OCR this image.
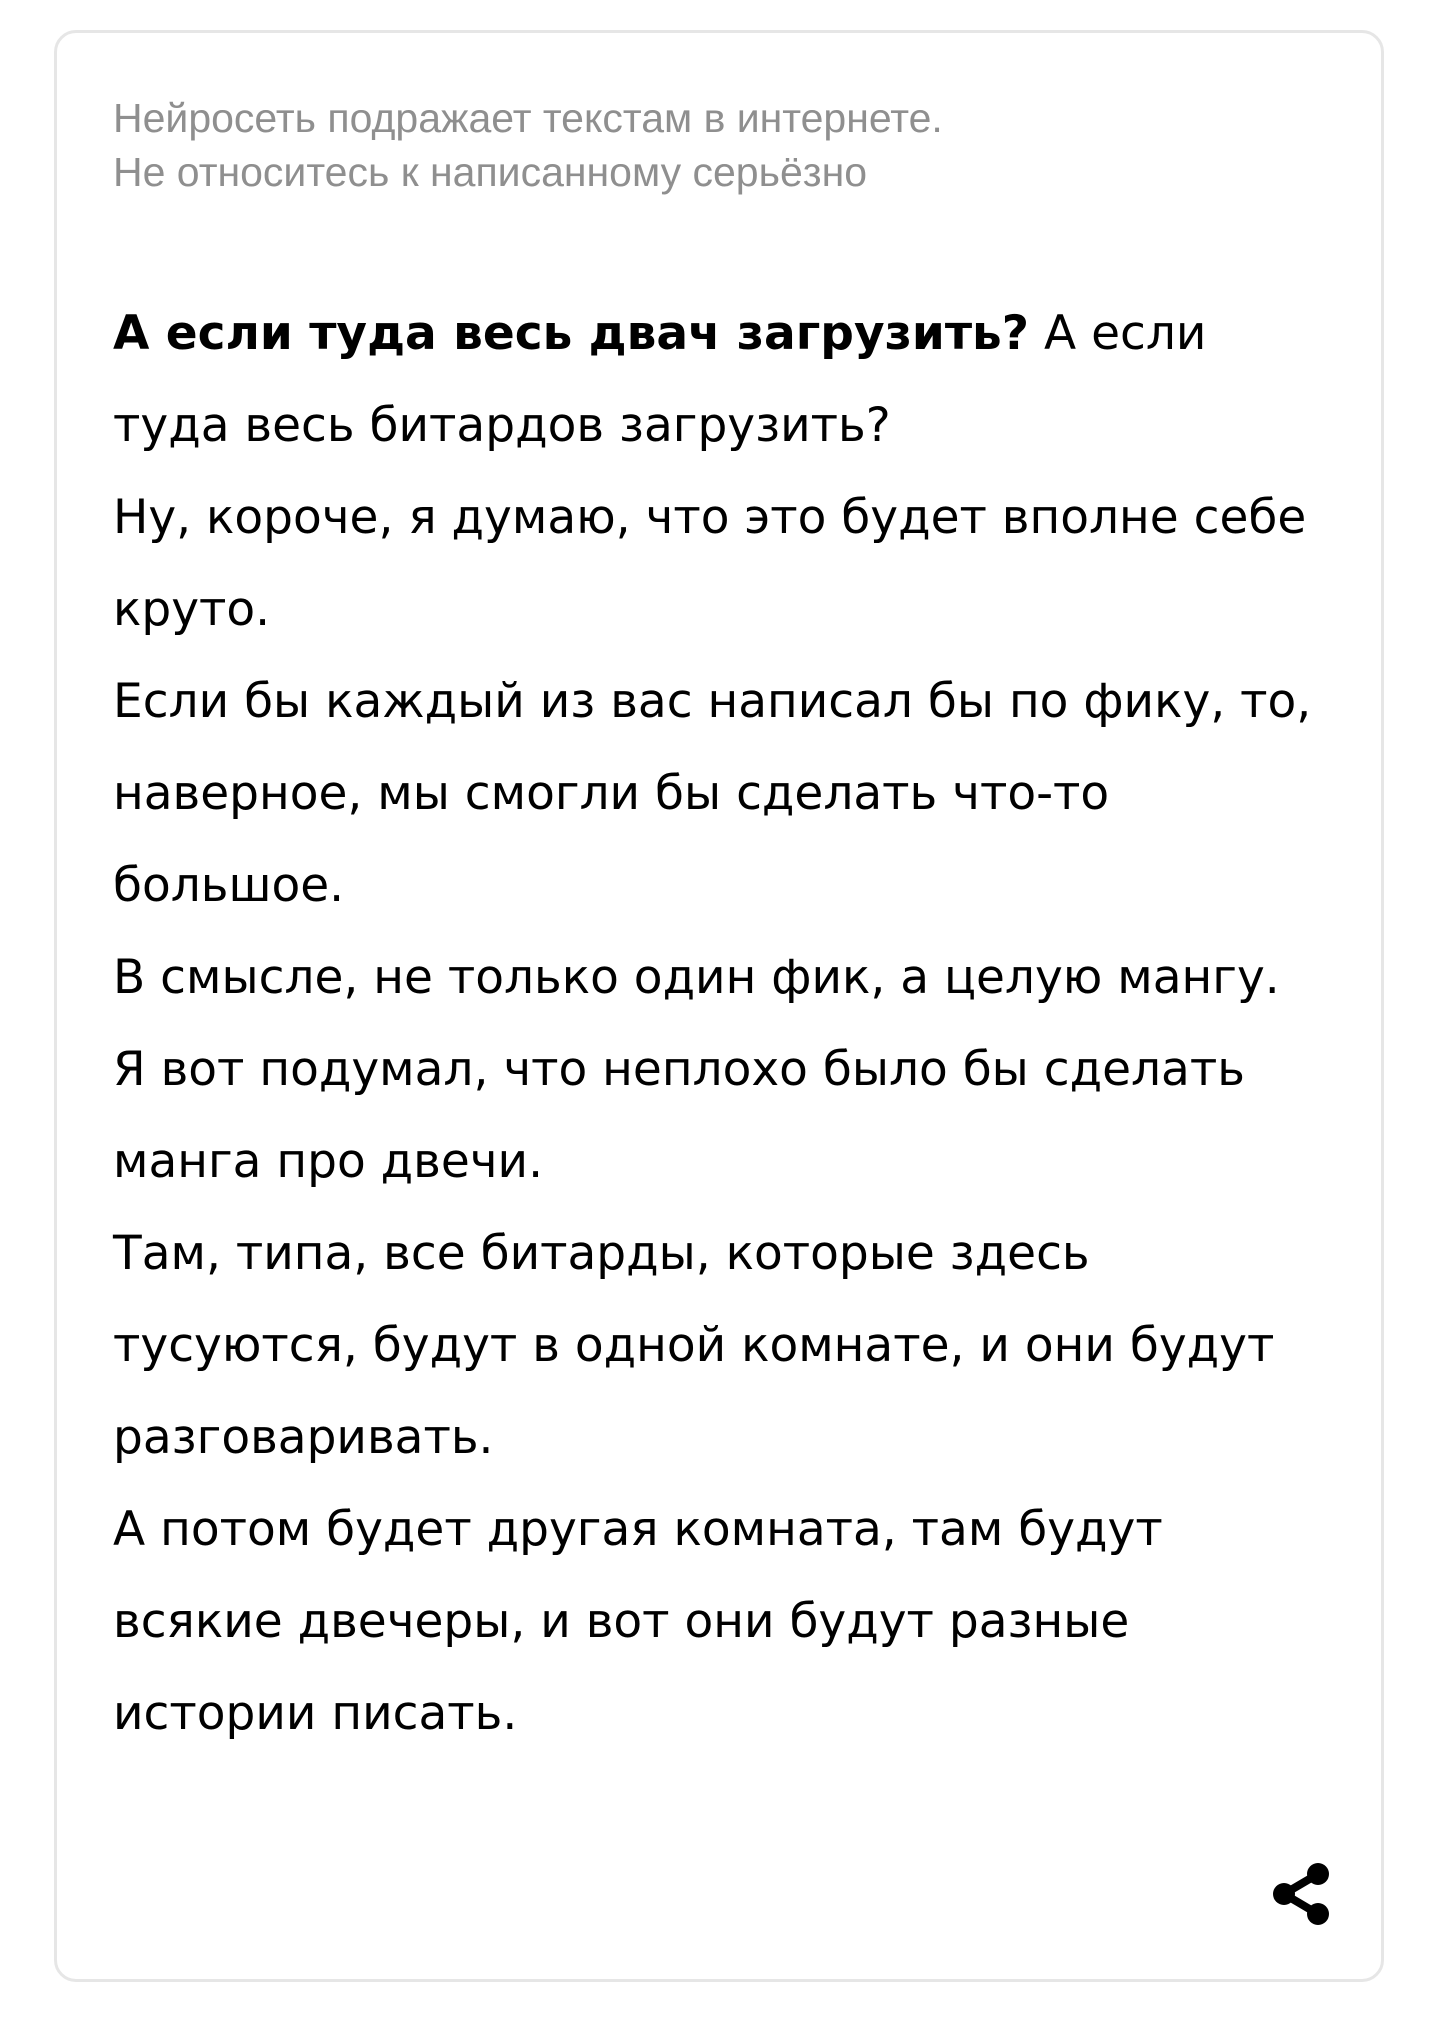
Нейросеть подражает текстам в интернете.
Не относитесь к написанному серьёзно

А если туда весь двач загрузить? А если туда весь битардов загрузить?

Ну, короче, я думаю, что это будет вполне себе круто.

Если бы каждый из вас написал бы по фику, то, наверное, мы смогли бы сделать что-то большое.

В смысле, не только один фик, а целую мангу.

Я вот подумал, что неплохо было бы сделать манга про двечи.

Там, типа, все битарды, которые здесь тусуются, будут в одной комнате, и они будут разговаривать.

А потом будет другая комната, там будут всякие двечеры, и вот они будут разные истории писать.
